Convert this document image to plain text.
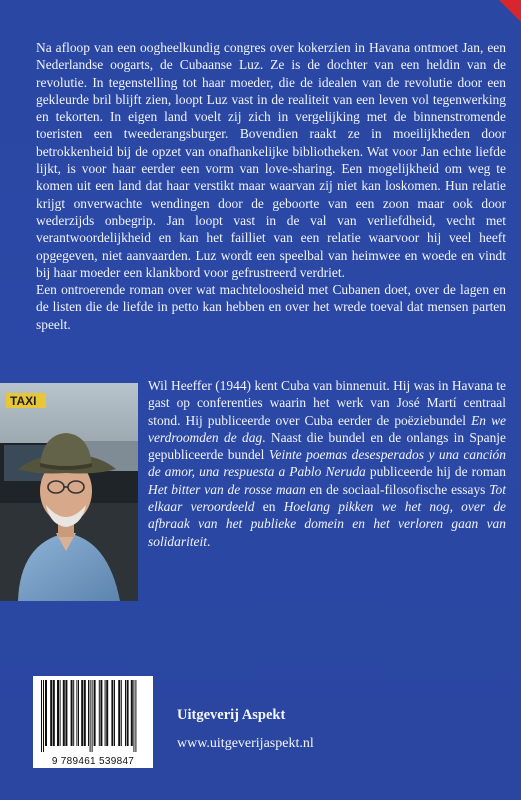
Na afloop van een oogheelkundig congres over kokerzien in Havana ontmoet Jan, een Nederlandse oogarts, de Cubaanse Luz. Ze is de dochter van een heldin van de revolutie. In tegenstelling tot haar moeder, die de idealen van de revolutie door een gekleurde bril blijft zien, loopt Luz vast in de realiteit van een leven vol tegenwerking en tekorten. In eigen land voelt zij zich in vergelijking met de binnenstromende toeristen een tweederangsburger. Bovendien raakt ze in moeilijkheden door betrokkenheid bij de opzet van onafhankelijke bibliotheken. Wat voor Jan echte liefde lijkt, is voor haar eerder een vorm van love-sharing. Een mogelijkheid om weg te komen uit een land dat haar verstikt maar waarvan zij niet kan loskomen. Hun relatie krijgt onverwachte wendingen door de geboorte van een zoon maar ook door wederzijds onbegrip. Jan loopt vast in de val van verliefdheid, vecht met verantwoordelijkheid en kan het failliet van een relatie waarvoor hij veel heeft opgegeven, niet aanvaarden. Luz wordt een speelbal van heimwee en woede en vindt bij haar moeder een klankbord voor gefrustreerd verdriet.

Een ontroerende roman over wat machteloosheid met Cubanen doet, over de lagen en de listen die de liefde in petto kan hebben en over het wrede toeval dat mensen parten speelt.

TAXI

Wil Heeffer (1944) kent Cuba van binnenuit. Hij was in Havana te gast op conferenties waarin het werk van José Martí centraal stond. Hij publiceerde over Cuba eerder de poëziebundel En we verdroomden de dag. Naast die bundel en de onlangs in Spanje gepubliceerde bundel Veinte poemas desesperados y una canción de amor, una respuesta a Pablo Neruda publiceerde hij de roman Het bitter van de rosse maan en de sociaal-filosofische essays Tot elkaar veroordeeld en Hoelang pikken we het nog, over de afbraak van het publieke domein en het verloren gaan van solidariteit.

9 789461 539847
Uitgeverij Aspekt
www.uitgeverijaspekt.nl
